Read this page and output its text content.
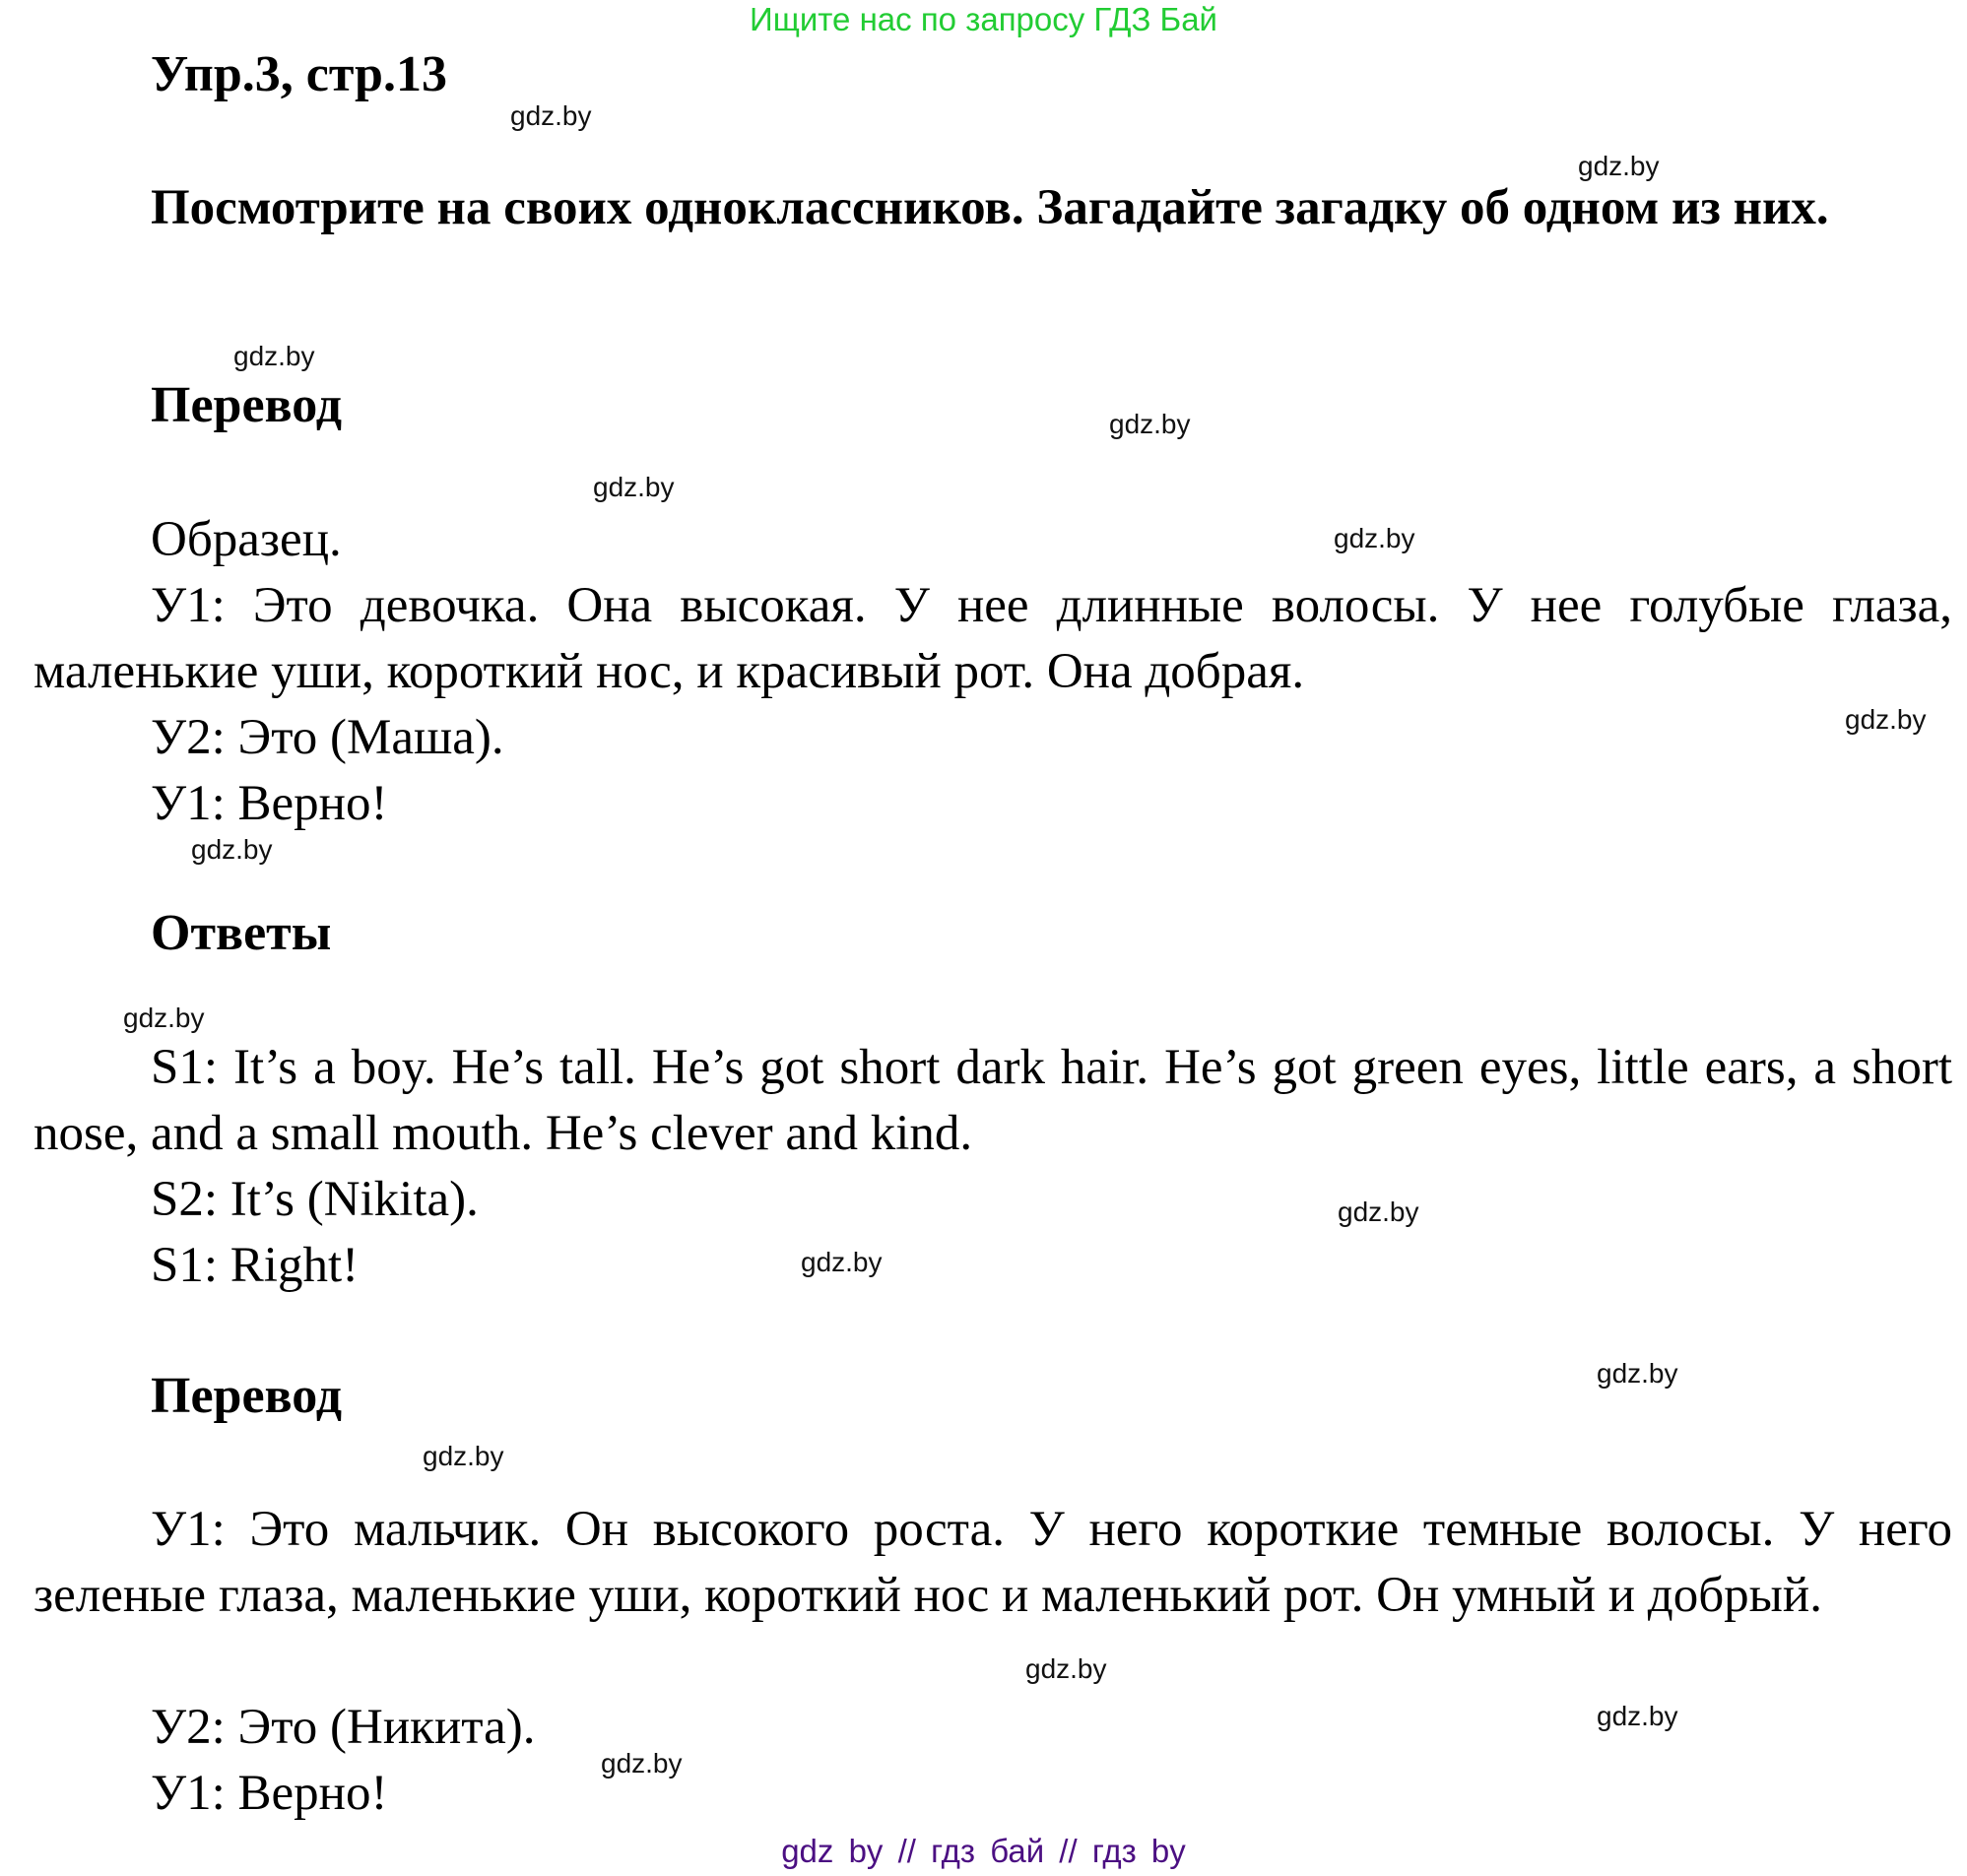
Ищите нас по запросу ГДЗ Бай
Упр.3, стр.13
Посмотрите на своих одноклассников. Загадайте загадку об одном из них.
Перевод
Образец.
У1: Это девочка. Она высокая. У нее длинные волосы. У нее голубые глаза, маленькие уши, короткий нос, и красивый рот. Она добрая.
У2: Это (Маша).
У1: Верно!
Ответы
S1: It’s a boy. He’s tall. He’s got short dark hair. He’s got green eyes, little ears, a short nose, and a small mouth. He’s clever and kind.
S2: It’s (Nikita).
S1: Right!
Перевод
У1: Это мальчик. Он высокого роста. У него короткие темные волосы. У него зеленые глаза, маленькие уши, короткий нос и маленький рот. Он умный и добрый.
У2: Это (Никита).
У1: Верно!
gdz.by
gdz.by
gdz.by
gdz.by
gdz.by
gdz.by
gdz.by
gdz.by
gdz.by
gdz.by
gdz.by
gdz.by
gdz.by
gdz.by
gdz.by
gdz.by
gdz by // гдз бай // гдз by
